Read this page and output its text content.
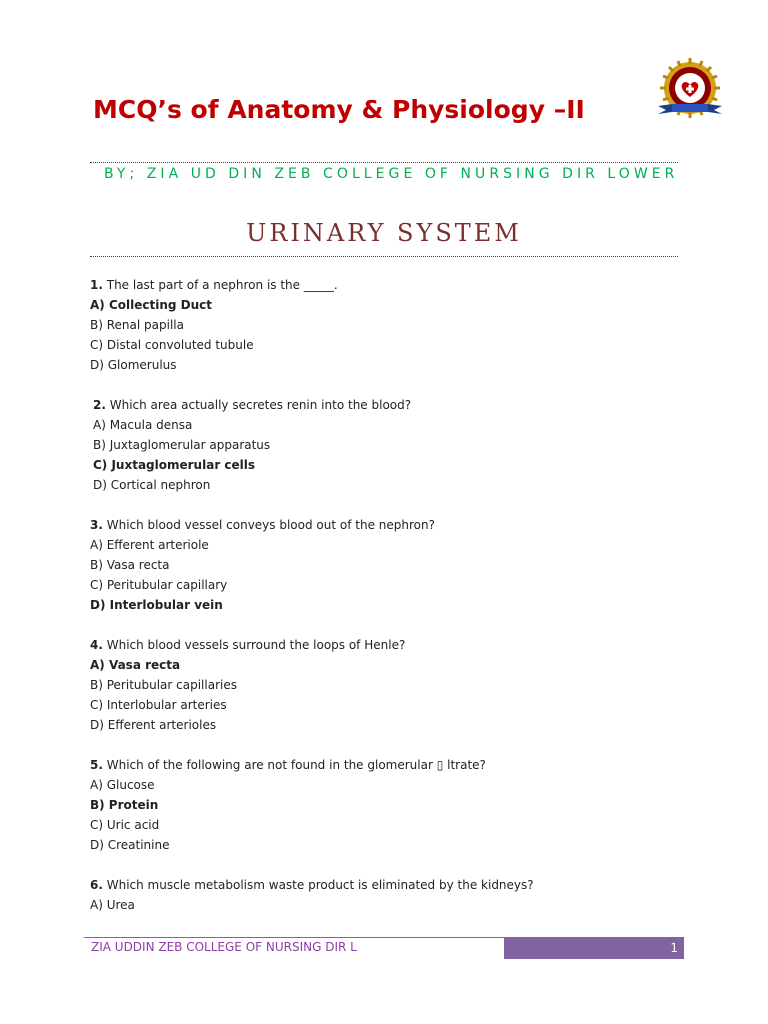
MCQ’s of Anatomy & Physiology –II
BY; ZIA UD DIN ZEB COLLEGE OF NURSING DIR LOWER
URINARY SYSTEM
1. The last part of a nephron is the _____.
A) Collecting Duct
B) Renal papilla
C) Distal convoluted tubule
D) Glomerulus
2. Which area actually secretes renin into the blood?
A) Macula densa
B) Juxtaglomerular apparatus
C) Juxtaglomerular cells
D) Cortical nephron
3. Which blood vessel conveys blood out of the nephron?
A) Efferent arteriole
B) Vasa recta
C) Peritubular capillary
D) Interlobular vein
4. Which blood vessels surround the loops of Henle?
A) Vasa recta
B) Peritubular capillaries
C) Interlobular arteries
D) Efferent arterioles
5. Which of the following are not found in the glomerular ▯ ltrate?
A) Glucose
B) Protein
C) Uric acid
D) Creatinine
6. Which muscle metabolism waste product is eliminated by the kidneys?
A) Urea
ZIA UDDIN ZEB COLLEGE OF NURSING DIR L	1
